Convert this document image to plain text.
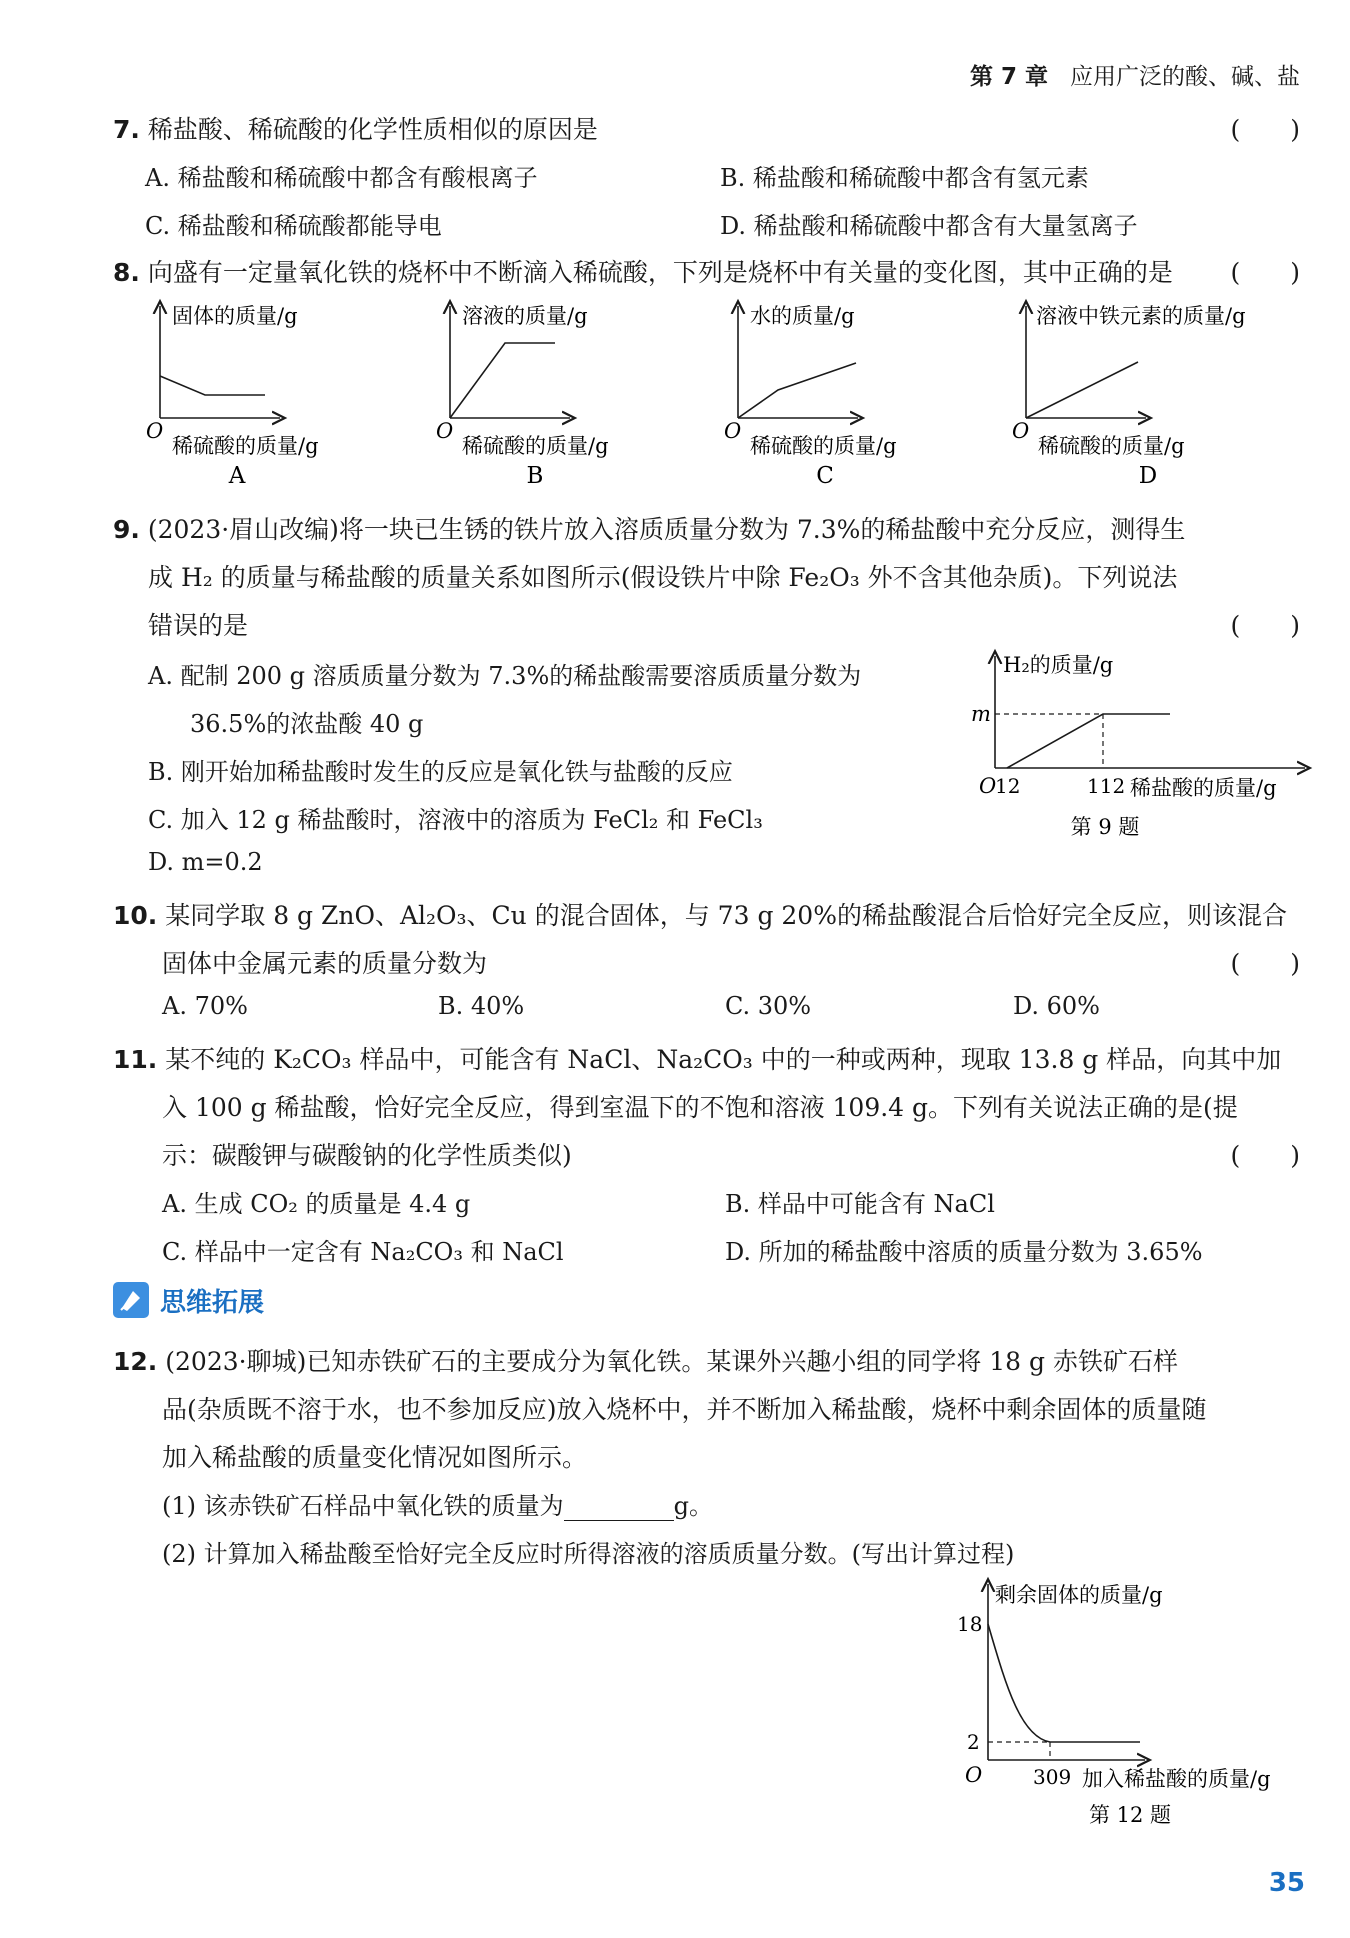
第 7 章 应用广泛的酸、碱、盐
7. 稀盐酸、稀硫酸的化学性质相似的原因是	(　　)
A. 稀盐酸和稀硫酸中都含有酸根离子	B. 稀盐酸和稀硫酸中都含有氢元素
C. 稀盐酸和稀硫酸都能导电	D. 稀盐酸和稀硫酸中都含有大量氢离子
8. 向盛有一定量氧化铁的烧杯中不断滴入稀硫酸，下列是烧杯中有关量的变化图，其中正确的是 (　　)
固体的质量/g
O
稀硫酸的质量/g
A
溶液的质量/g
O
稀硫酸的质量/g
B
水的质量/g
O
稀硫酸的质量/g
C
溶液中铁元素的质量/g
O
稀硫酸的质量/g
D
9. (2023·眉山改编)将一块已生锈的铁片放入溶质质量分数为 7.3%的稀盐酸中充分反应，测得生
成 H₂ 的质量与稀盐酸的质量关系如图所示(假设铁片中除 Fe₂O₃ 外不含其他杂质)。下列说法
错误的是	(　　)
A. 配制 200 g 溶质质量分数为 7.3%的稀盐酸需要溶质质量分数为
36.5%的浓盐酸 40 g
B. 刚开始加稀盐酸时发生的反应是氧化铁与盐酸的反应
C. 加入 12 g 稀盐酸时，溶液中的溶质为 FeCl₂ 和 FeCl₃
D. m=0.2
H₂的质量/g
m
O
12	112 稀盐酸的质量/g
第 9 题
10. 某同学取 8 g ZnO、Al₂O₃、Cu 的混合固体，与 73 g 20%的稀盐酸混合后恰好完全反应，则该混合
固体中金属元素的质量分数为	(　　)
A. 70%	B. 40%	C. 30%	D. 60%
11. 某不纯的 K₂CO₃ 样品中，可能含有 NaCl、Na₂CO₃ 中的一种或两种，现取 13.8 g 样品，向其中加
入 100 g 稀盐酸，恰好完全反应，得到室温下的不饱和溶液 109.4 g。下列有关说法正确的是(提
示：碳酸钾与碳酸钠的化学性质类似)	(　　)
A. 生成 CO₂ 的质量是 4.4 g	B. 样品中可能含有 NaCl
C. 样品中一定含有 Na₂CO₃ 和 NaCl	D. 所加的稀盐酸中溶质的质量分数为 3.65%
思维拓展
12. (2023·聊城)已知赤铁矿石的主要成分为氧化铁。某课外兴趣小组的同学将 18 g 赤铁矿石样
品(杂质既不溶于水，也不参加反应)放入烧杯中，并不断加入稀盐酸，烧杯中剩余固体的质量随
加入稀盐酸的质量变化情况如图所示。
(1) 该赤铁矿石样品中氧化铁的质量为	g。
(2) 计算加入稀盐酸至恰好完全反应时所得溶液的溶质质量分数。(写出计算过程)
剩余固体的质量/g
18
2
O	309 加入稀盐酸的质量/g
第 12 题
35
